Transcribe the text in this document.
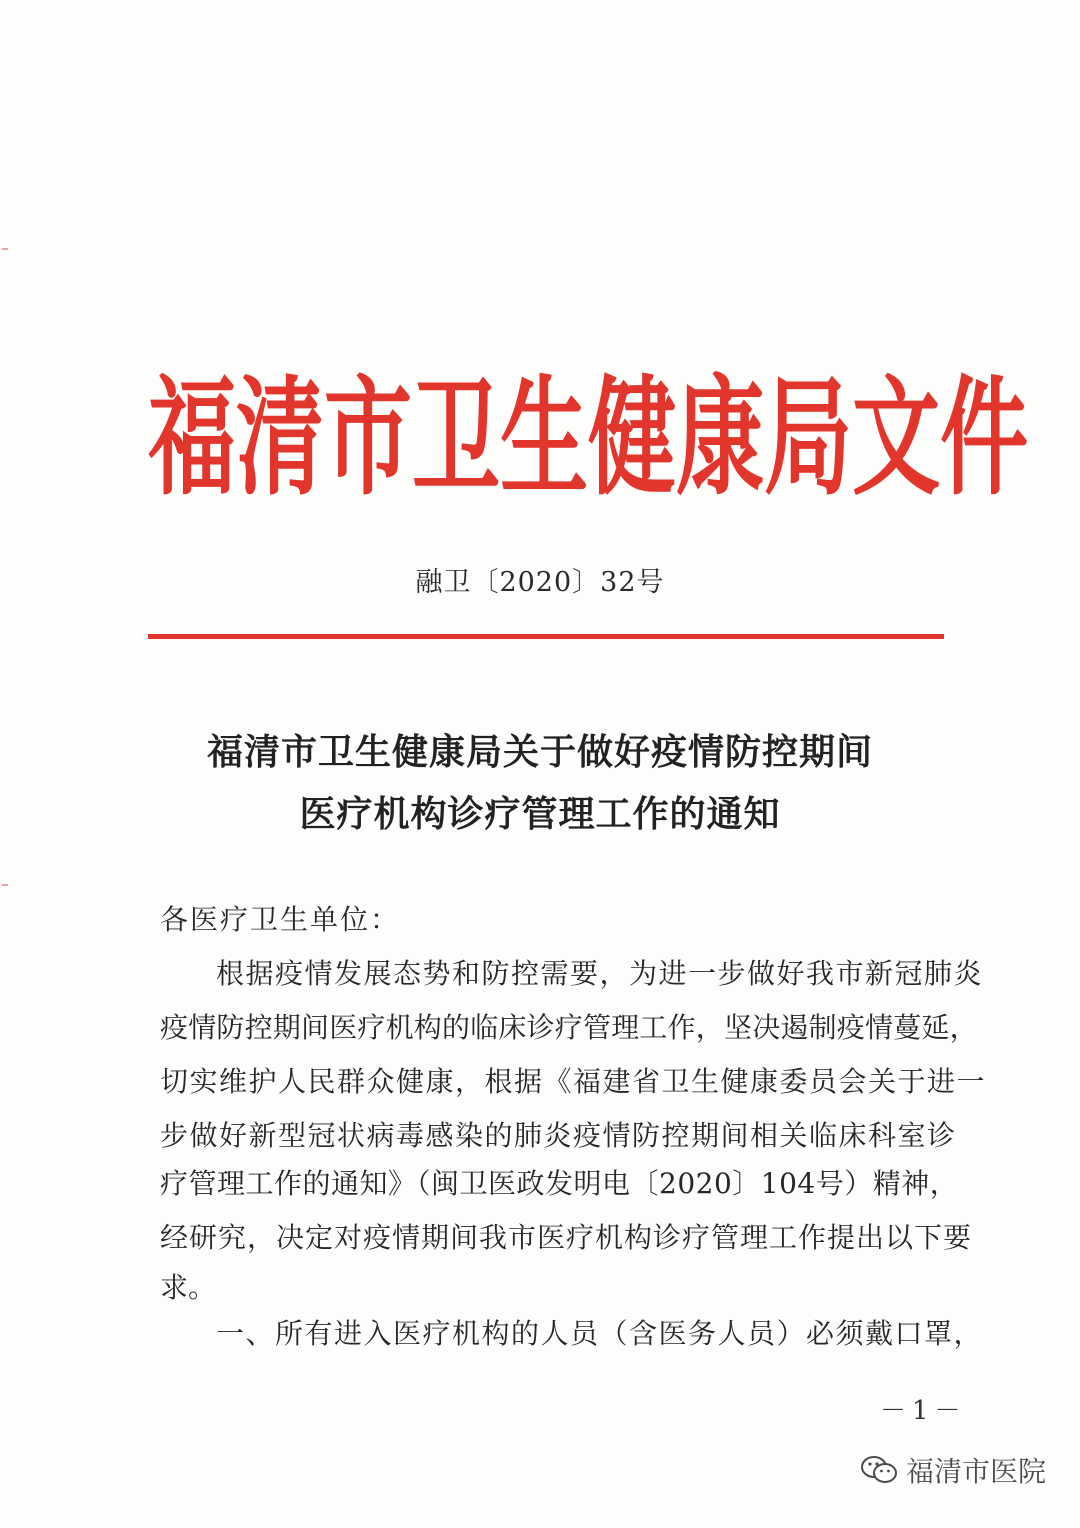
福 清 市 卫 生 健 康 局 文 件
融卫〔2020〕32号
福清市卫生健康局关于做好疫情防控期间
医疗机构诊疗管理工作的通知
各医疗卫生单位：
根据疫情发展态势和防控需要，为进一步做好我市新冠肺炎
疫情防控期间医疗机构的临床诊疗管理工作，坚决遏制疫情蔓延，
切实维护人民群众健康，根据《福建省卫生健康委员会关于进一
步做好新型冠状病毒感染的肺炎疫情防控期间相关临床科室诊
疗管理工作的通知》（闽卫医政发明电〔2020〕104号）精神，
经研究，决定对疫情期间我市医疗机构诊疗管理工作提出以下要
求。
一、所有进入医疗机构的人员（含医务人员）必须戴口罩，
－1－
福清市医院
